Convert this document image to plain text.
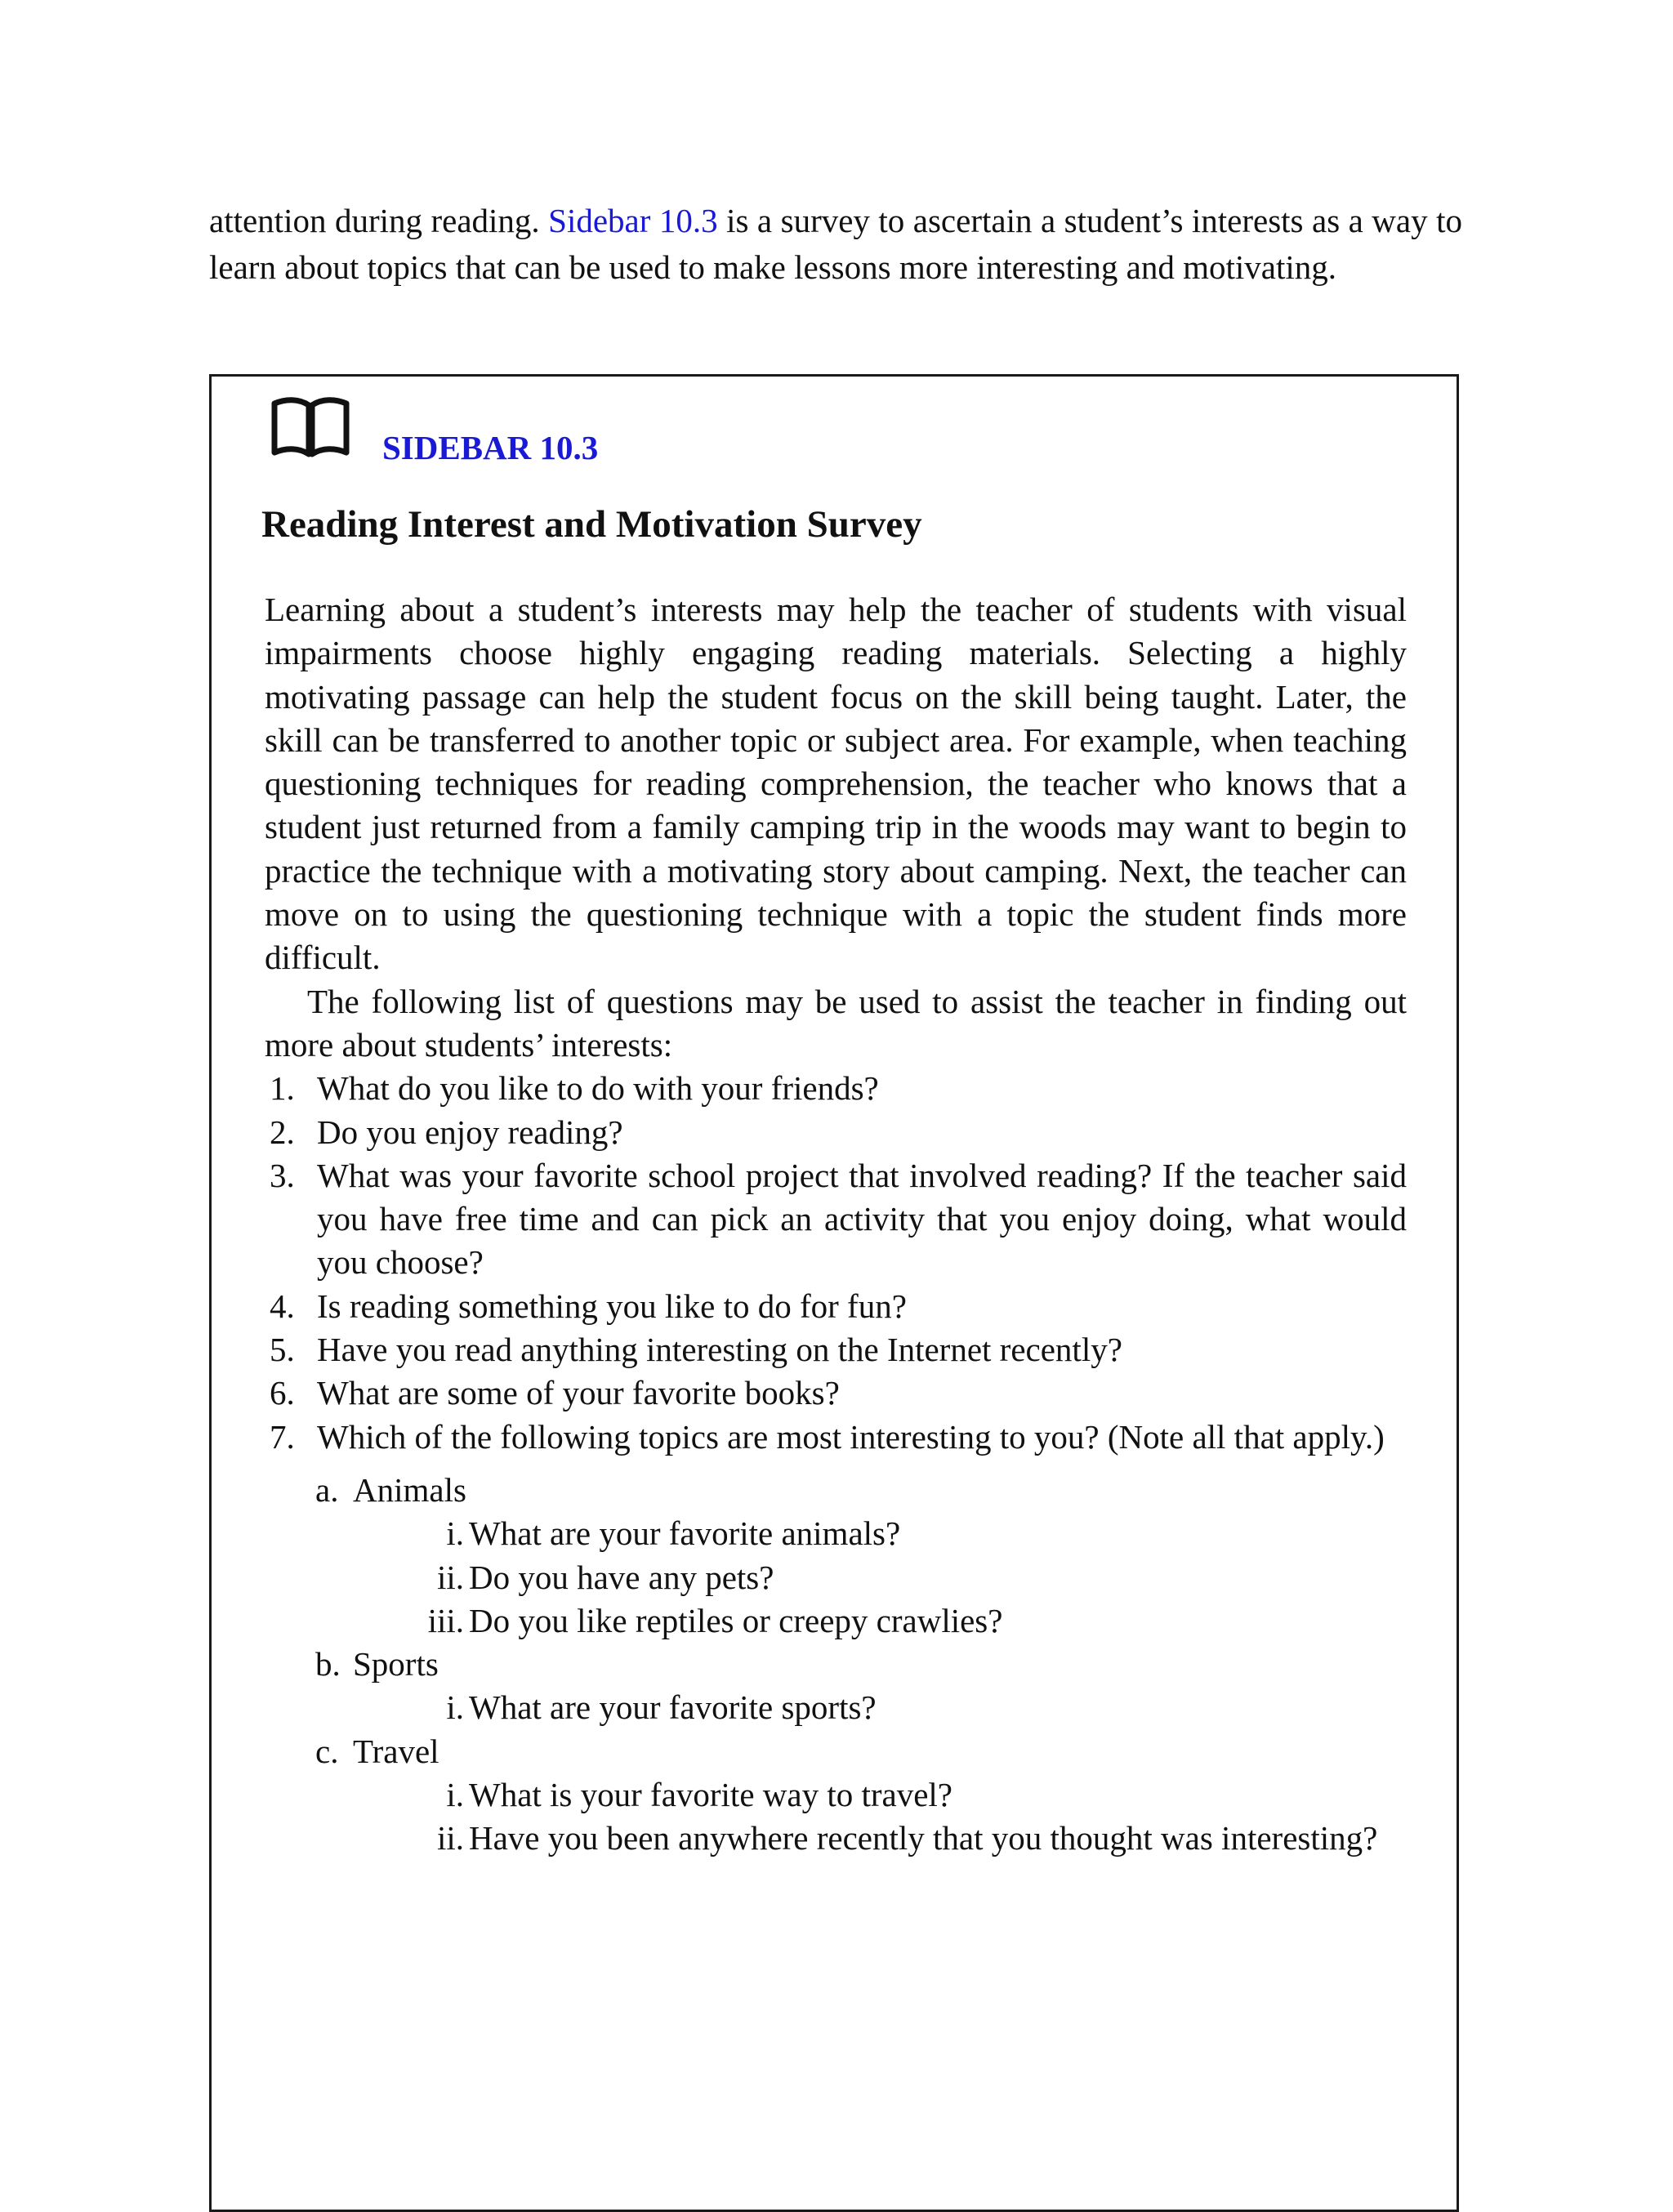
attention during reading. Sidebar 10.3 is a survey to ascertain a student’s interests as a way to learn about topics that can be used to make lessons more interesting and motivating.

SIDEBAR 10.3

Reading Interest and Motivation Survey

Learning about a student’s interests may help the teacher of students with visual impairments choose highly engaging reading materials. Selecting a highly motivating passage can help the student focus on the skill being taught. Later, the skill can be transferred to another topic or subject area. For example, when teaching questioning techniques for reading comprehension, the teacher who knows that a student just returned from a family camping trip in the woods may want to begin to practice the technique with a motivating story about camping. Next, the teacher can move on to using the questioning technique with a topic the student finds more difficult.

The following list of questions may be used to assist the teacher in finding out more about students’ interests:

1. What do you like to do with your friends?
2. Do you enjoy reading?
3. What was your favorite school project that involved reading? If the teacher said you have free time and can pick an activity that you enjoy doing, what would you choose?
4. Is reading something you like to do for fun?
5. Have you read anything interesting on the Internet recently?
6. What are some of your favorite books?
7. Which of the following topics are most interesting to you? (Note all that apply.)
a. Animals
i. What are your favorite animals?
ii. Do you have any pets?
iii. Do you like reptiles or creepy crawlies?
b. Sports
i. What are your favorite sports?
c. Travel
i. What is your favorite way to travel?
ii. Have you been anywhere recently that you thought was interesting?
